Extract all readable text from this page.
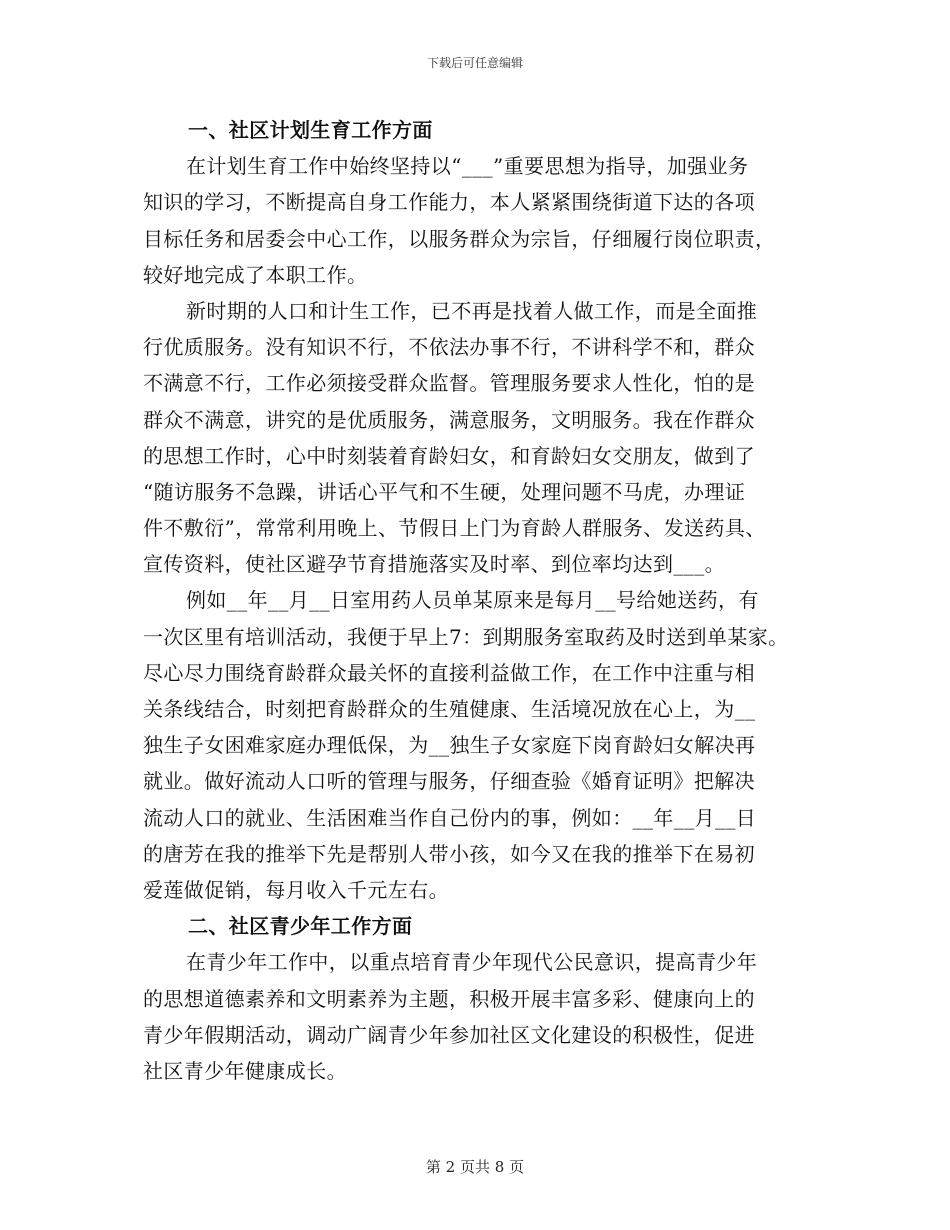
下载后可任意编辑
一、社区计划生育工作方面
在计划生育工作中始终坚持以“___”重要思想为指导，加强业务
知识的学习，不断提高自身工作能力，本人紧紧围绕街道下达的各项
目标任务和居委会中心工作，以服务群众为宗旨，仔细履行岗位职责，
较好地完成了本职工作。
新时期的人口和计生工作，已不再是找着人做工作，而是全面推
行优质服务。没有知识不行，不依法办事不行，不讲科学不和，群众
不满意不行，工作必须接受群众监督。管理服务要求人性化，怕的是
群众不满意，讲究的是优质服务，满意服务，文明服务。我在作群众
的思想工作时，心中时刻装着育龄妇女，和育龄妇女交朋友，做到了
“随访服务不急躁，讲话心平气和不生硬，处理问题不马虎，办理证
件不敷衍”，常常利用晚上、节假日上门为育龄人群服务、发送药具、
宣传资料，使社区避孕节育措施落实及时率、到位率均达到___。
例如__年__月__日室用药人员单某原来是每月__号给她送药，有
一次区里有培训活动，我便于早上7：到期服务室取药及时送到单某家。
尽心尽力围绕育龄群众最关怀的直接利益做工作，在工作中注重与相
关条线结合，时刻把育龄群众的生殖健康、生活境况放在心上，为__
独生子女困难家庭办理低保，为__独生子女家庭下岗育龄妇女解决再
就业。做好流动人口听的管理与服务，仔细查验《婚育证明》把解决
流动人口的就业、生活困难当作自己份内的事，例如：__年__月__日
的唐芳在我的推举下先是帮别人带小孩，如今又在我的推举下在易初
爱莲做促销，每月收入千元左右。
二、社区青少年工作方面
在青少年工作中，以重点培育青少年现代公民意识，提高青少年
的思想道德素养和文明素养为主题，积极开展丰富多彩、健康向上的
青少年假期活动，调动广阔青少年参加社区文化建设的积极性，促进
社区青少年健康成长。
第 2 页共 8 页
